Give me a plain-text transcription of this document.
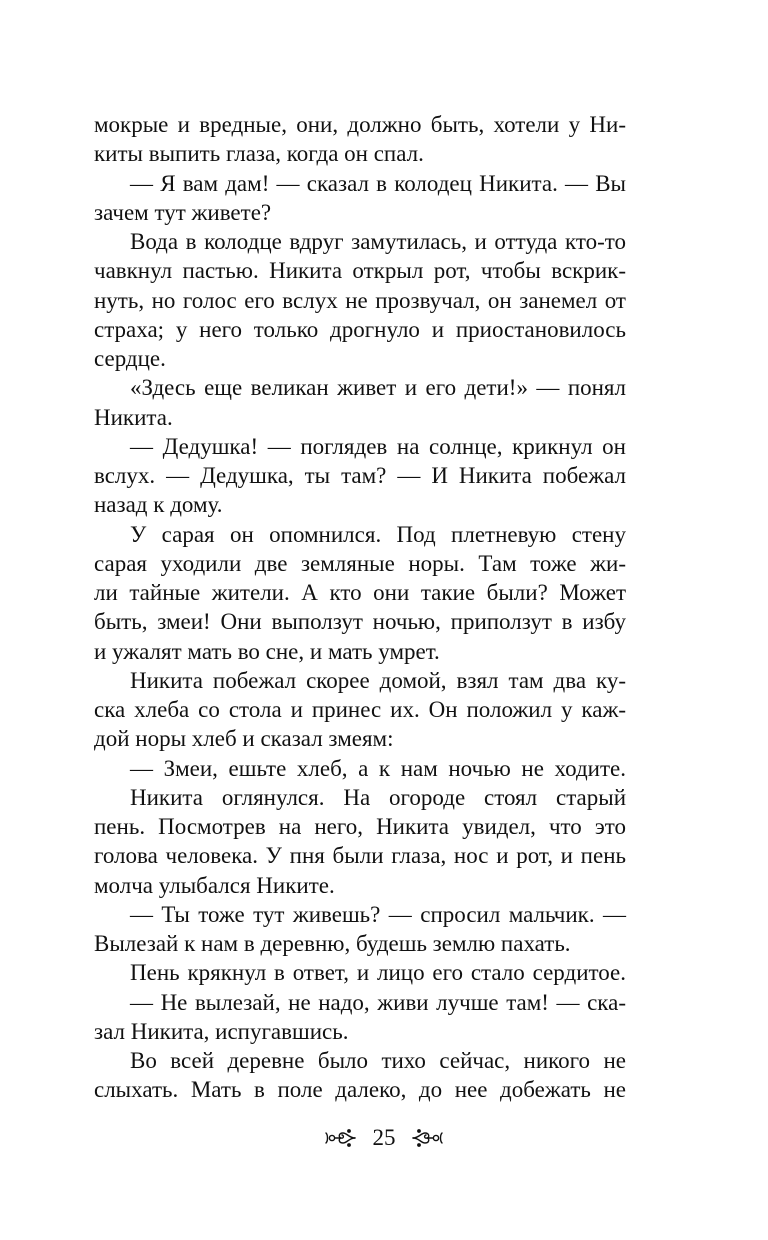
мокрые и вредные, они, должно быть, хотели у Ни-
киты выпить глаза, когда он спал.
— Я вам дам! — сказал в колодец Никита. — Вы
зачем тут живете?
Вода в колодце вдруг замутилась, и оттуда кто-то
чавкнул пастью. Никита открыл рот, чтобы вскрик-
нуть, но голос его вслух не прозвучал, он занемел от
страха; у него только дрогнуло и приостановилось
сердце.
«Здесь еще великан живет и его дети!» — понял
Никита.
— Дедушка! — поглядев на солнце, крикнул он
вслух. — Дедушка, ты там? — И Никита побежал
назад к дому.
У сарая он опомнился. Под плетневую стену
сарая уходили две земляные норы. Там тоже жи-
ли тайные жители. А кто они такие были? Может
быть, змеи! Они выползут ночью, приползут в избу
и ужалят мать во сне, и мать умрет.
Никита побежал скорее домой, взял там два ку-
ска хлеба со стола и принес их. Он положил у каж-
дой норы хлеб и сказал змеям:
— Змеи, ешьте хлеб, а к нам ночью не ходите.
Никита оглянулся. На огороде стоял старый
пень. Посмотрев на него, Никита увидел, что это
голова человека. У пня были глаза, нос и рот, и пень
молча улыбался Никите.
— Ты тоже тут живешь? — спросил мальчик. —
Вылезай к нам в деревню, будешь землю пахать.
Пень крякнул в ответ, и лицо его стало сердитое.
— Не вылезай, не надо, живи лучше там! — ска-
зал Никита, испугавшись.
Во всей деревне было тихо сейчас, никого не
слыхать. Мать в поле далеко, до нее добежать не
25
